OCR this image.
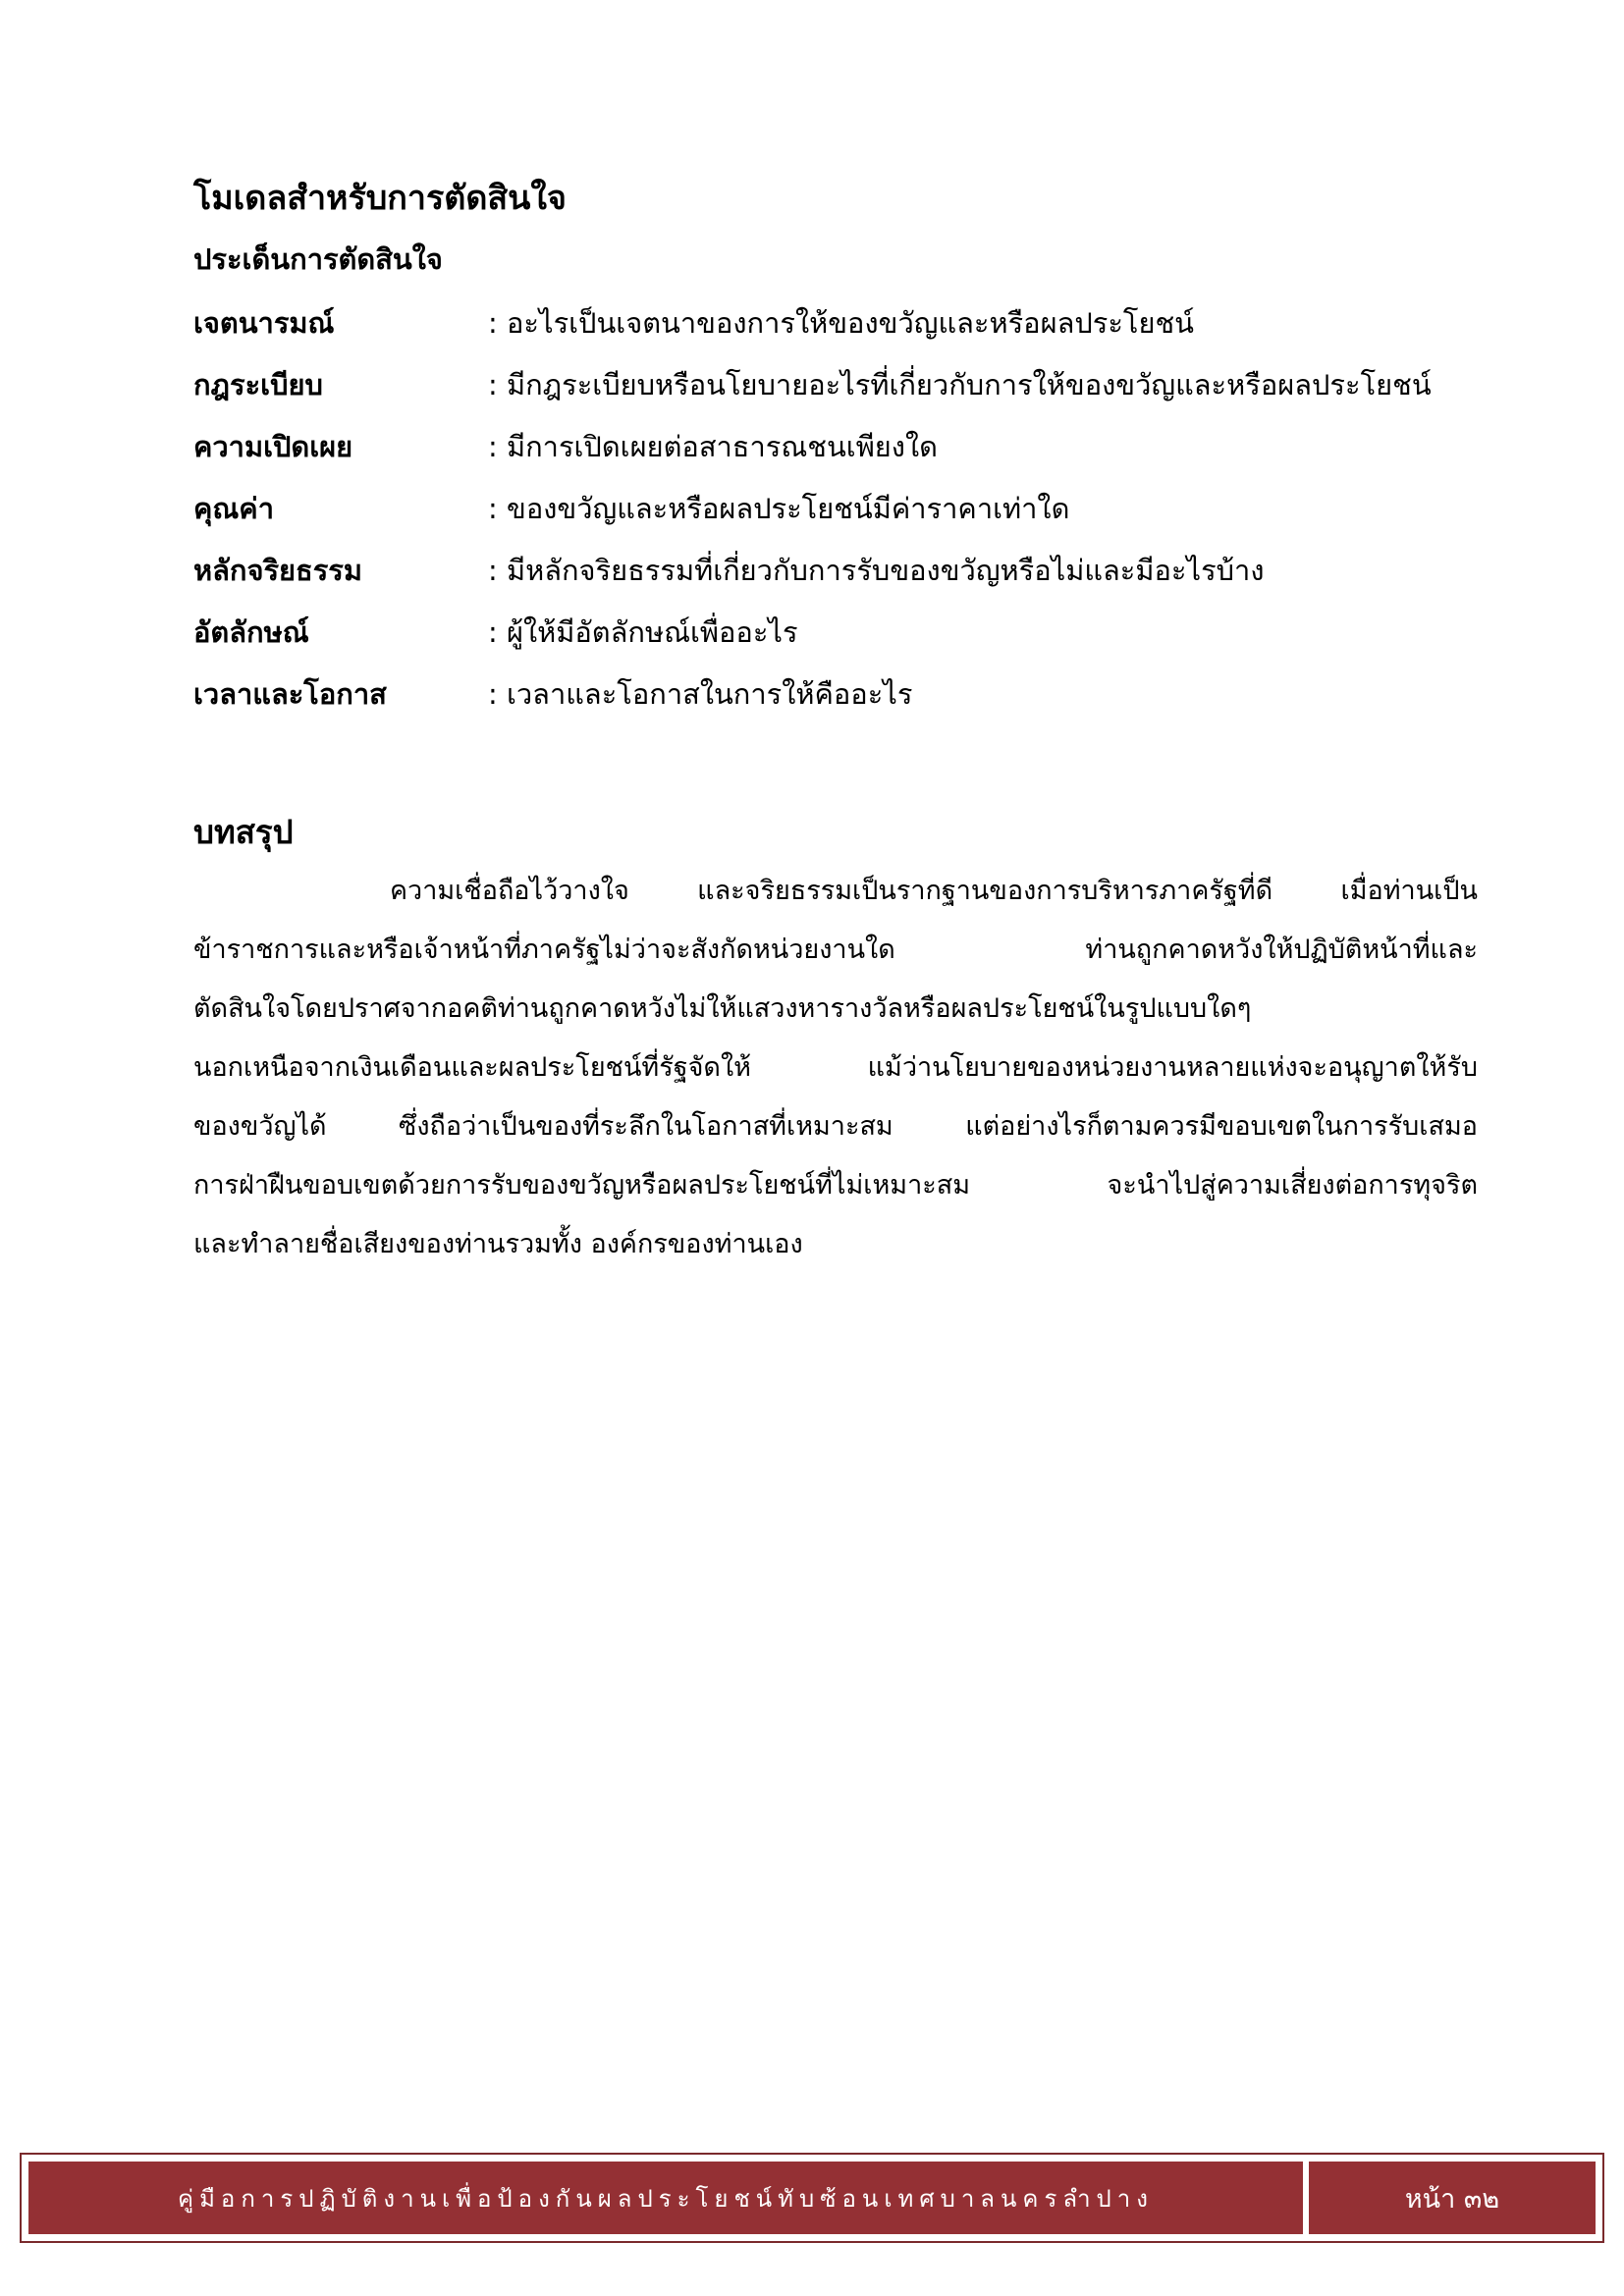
โมเดลสำหรับการตัดสินใจ
ประเด็นการตัดสินใจ
เจตนารมณ์	: อะไรเป็นเจตนาของการให้ของขวัญและหรือผลประโยชน์
กฎระเบียบ	: มีกฎระเบียบหรือนโยบายอะไรที่เกี่ยวกับการให้ของขวัญและหรือผลประโยชน์
ความเปิดเผย	: มีการเปิดเผยต่อสาธารณชนเพียงใด
คุณค่า	: ของขวัญและหรือผลประโยชน์มีค่าราคาเท่าใด
หลักจริยธรรม	: มีหลักจริยธรรมที่เกี่ยวกับการรับของขวัญหรือไม่และมีอะไรบ้าง
อัตลักษณ์	: ผู้ให้มีอัตลักษณ์เพื่ออะไร
เวลาและโอกาส	: เวลาและโอกาสในการให้คืออะไร
บทสรุป

ความเชื่อถือไว้วางใจ และจริยธรรมเป็นรากฐานของการบริหารภาครัฐที่ดี เมื่อท่านเป็น
ข้าราชการและหรือเจ้าหน้าที่ภาครัฐไม่ว่าจะสังกัดหน่วยงานใด ท่านถูกคาดหวังให้ปฏิบัติหน้าที่และ
ตัดสินใจโดยปราศจากอคติท่านถูกคาดหวังไม่ให้แสวงหารางวัลหรือผลประโยชน์ในรูปแบบใดๆ
นอกเหนือจากเงินเดือนและผลประโยชน์ที่รัฐจัดให้ แม้ว่านโยบายของหน่วยงานหลายแห่งจะอนุญาตให้รับ
ของขวัญได้ ซึ่งถือว่าเป็นของที่ระลึกในโอกาสที่เหมาะสม แต่อย่างไรก็ตามควรมีขอบเขตในการรับเสมอ
การฝ่าฝืนขอบเขตด้วยการรับของขวัญหรือผลประโยชน์ที่ไม่เหมาะสม จะนำไปสู่ความเสี่ยงต่อการทุจริต
และทำลายชื่อเสียงของท่านรวมทั้ง องค์กรของท่านเอง

คู่มือการปฏิบัติงานเพื่อป้องกันผลประโยชน์ทับซ้อนเทศบาลนครลำปาง	หน้า ๓๒
